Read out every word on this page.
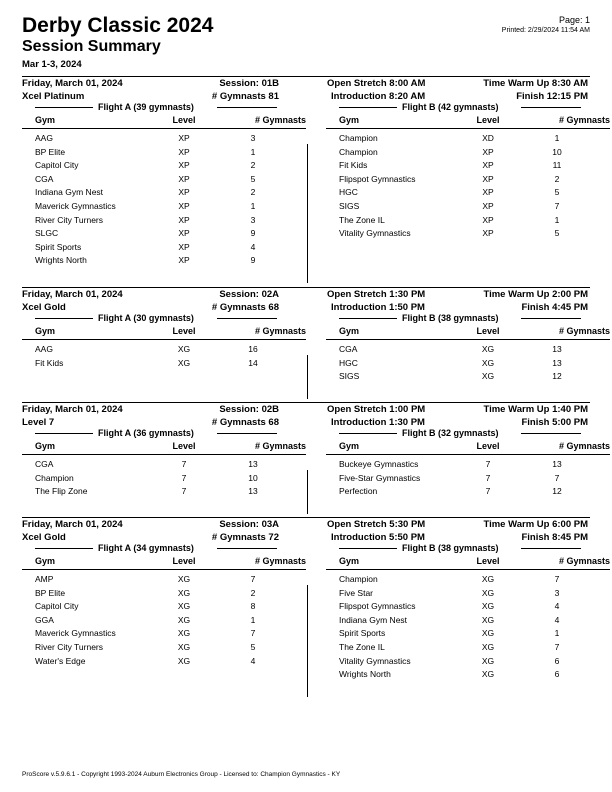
Derby Classic 2024
Session Summary
Mar 1-3, 2024
Page: 1
Printed: 2/29/2024 11:54 AM
Friday, March 01, 2024	Session: 01B	Open Stretch 8:00 AM	Time Warm Up 8:30 AM
Xcel Platinum	# Gymnasts 81	Introduction 8:20 AM	Finish 12:15 PM
Flight A (39 gymnasts)
Gym	Level	# Gymnasts
AAG	XP	3
BP Elite	XP	1
Capitol City	XP	2
CGA	XP	5
Indiana Gym Nest	XP	2
Maverick Gymnastics	XP	1
River City Turners	XP	3
SLGC	XP	9
Spirit Sports	XP	4
Wrights North	XP	9
Flight B (42 gymnasts)
Gym	Level	# Gymnasts
Champion	XD	1
Champion	XP	10
Fit Kids	XP	11
Flipspot Gymnastics	XP	2
HGC	XP	5
SIGS	XP	7
The Zone IL	XP	1
Vitality Gymnastics	XP	5
Friday, March 01, 2024	Session: 02A	Open Stretch 1:30 PM	Time Warm Up 2:00 PM
Xcel Gold	# Gymnasts 68	Introduction 1:50 PM	Finish 4:45 PM
Flight A (30 gymnasts)
Gym	Level	# Gymnasts
AAG	XG	16
Fit Kids	XG	14
Flight B (38 gymnasts)
Gym	Level	# Gymnasts
CGA	XG	13
HGC	XG	13
SIGS	XG	12
Friday, March 01, 2024	Session: 02B	Open Stretch 1:00 PM	Time Warm Up 1:40 PM
Level 7	# Gymnasts 68	Introduction 1:30 PM	Finish 5:00 PM
Flight A (36 gymnasts)
Gym	Level	# Gymnasts
CGA	7	13
Champion	7	10
The Flip Zone	7	13
Flight B (32 gymnasts)
Gym	Level	# Gymnasts
Buckeye Gymnastics	7	13
Five-Star Gymnastics	7	7
Perfection	7	12
Friday, March 01, 2024	Session: 03A	Open Stretch 5:30 PM	Time Warm Up 6:00 PM
Xcel Gold	# Gymnasts 72	Introduction 5:50 PM	Finish 8:45 PM
Flight A (34 gymnasts)
Gym	Level	# Gymnasts
AMP	XG	7
BP Elite	XG	2
Capitol City	XG	8
GGA	XG	1
Maverick Gymnastics	XG	7
River City Turners	XG	5
Water's Edge	XG	4
Flight B (38 gymnasts)
Gym	Level	# Gymnasts
Champion	XG	7
Five Star	XG	3
Flipspot Gymnastics	XG	4
Indiana Gym Nest	XG	4
Spirit Sports	XG	1
The Zone IL	XG	7
Vitality Gymnastics	XG	6
Wrights North	XG	6
ProScore v.5.9.6.1 - Copyright 1993-2024 Auburn Electronics Group - Licensed to: Champion Gymnastics - KY
